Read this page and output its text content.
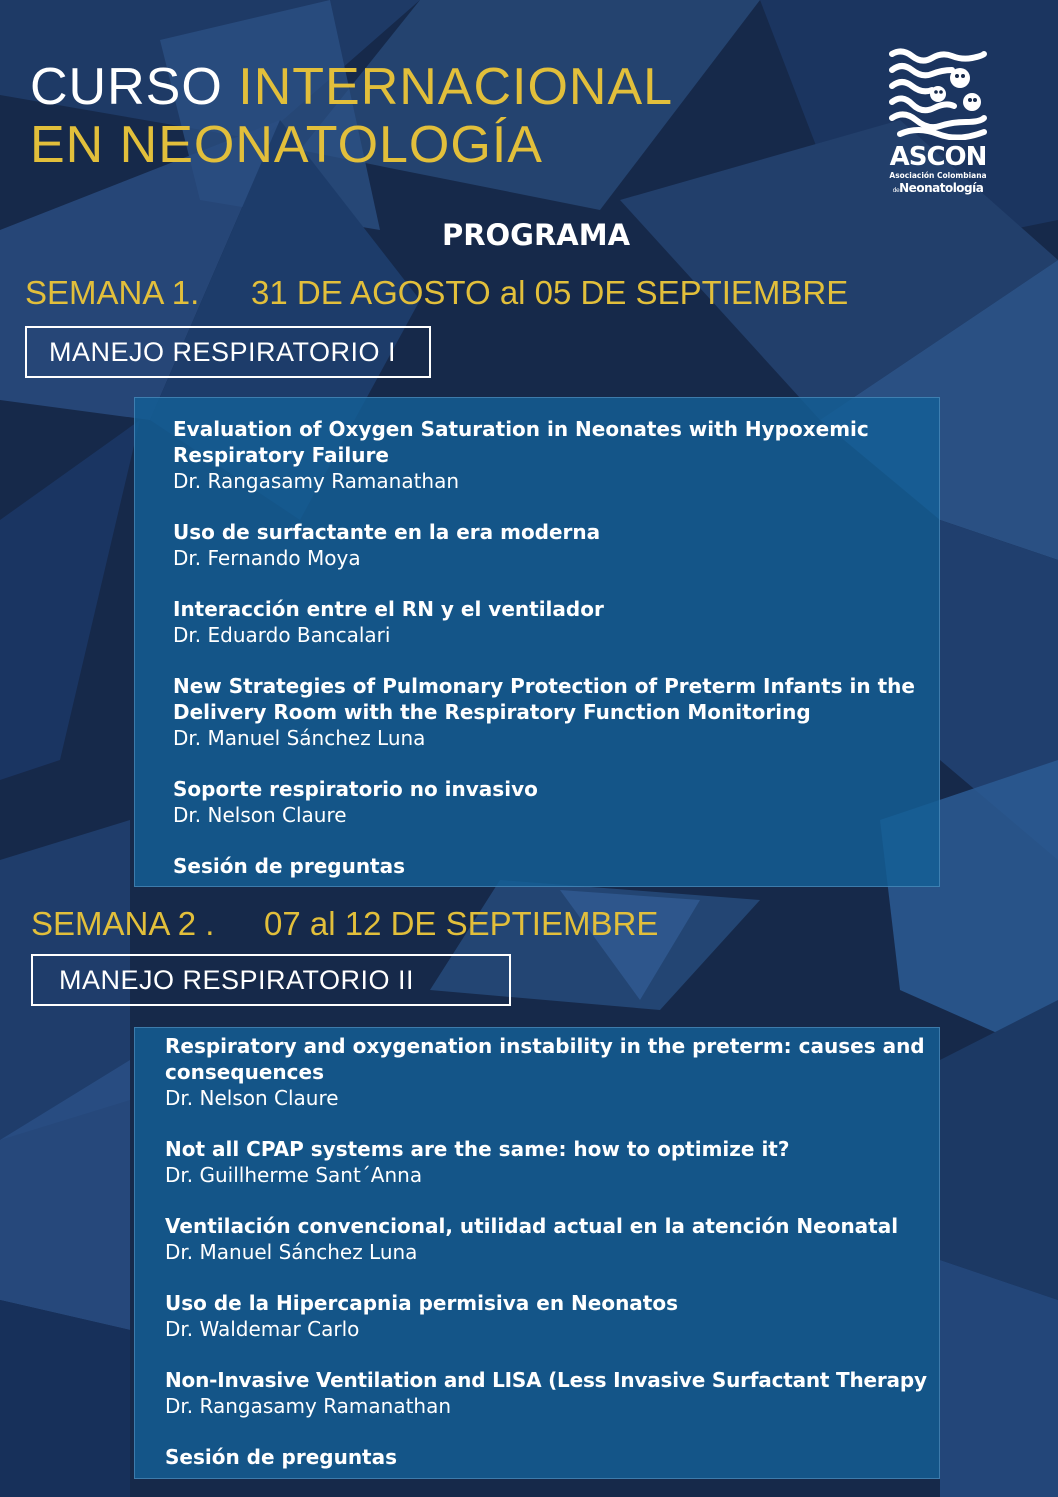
CURSO INTERNACIONAL
EN NEONATOLOGÍA	ASCON
Asociación Colombiana
deNeonatología
PROGRAMA
SEMANA 1. 31 DE AGOSTO al 05 DE SEPTIEMBRE
MANEJO RESPIRATORIO I
Evaluation of Oxygen Saturation in Neonates with Hypoxemic Respiratory Failure
Dr. Rangasamy Ramanathan
Uso de surfactante en la era moderna
Dr. Fernando Moya
Interacción entre el RN y el ventilador
Dr. Eduardo Bancalari
New Strategies of Pulmonary Protection of Preterm Infants in the Delivery Room with the Respiratory Function Monitoring
Dr. Manuel Sánchez Luna
Soporte respiratorio no invasivo
Dr. Nelson Claure
Sesión de preguntas
SEMANA 2 . 07 al 12 DE SEPTIEMBRE
MANEJO RESPIRATORIO II
Respiratory and oxygenation instability in the preterm: causes and consequences
Dr. Nelson Claure
Not all CPAP systems are the same: how to optimize it?
Dr. Guillherme Sant´Anna
Ventilación convencional, utilidad actual en la atención Neonatal
Dr. Manuel Sánchez Luna
Uso de la Hipercapnia permisiva en Neonatos
Dr. Waldemar Carlo
Non-Invasive Ventilation and LISA (Less Invasive Surfactant Therapy
Dr. Rangasamy Ramanathan
Sesión de preguntas
